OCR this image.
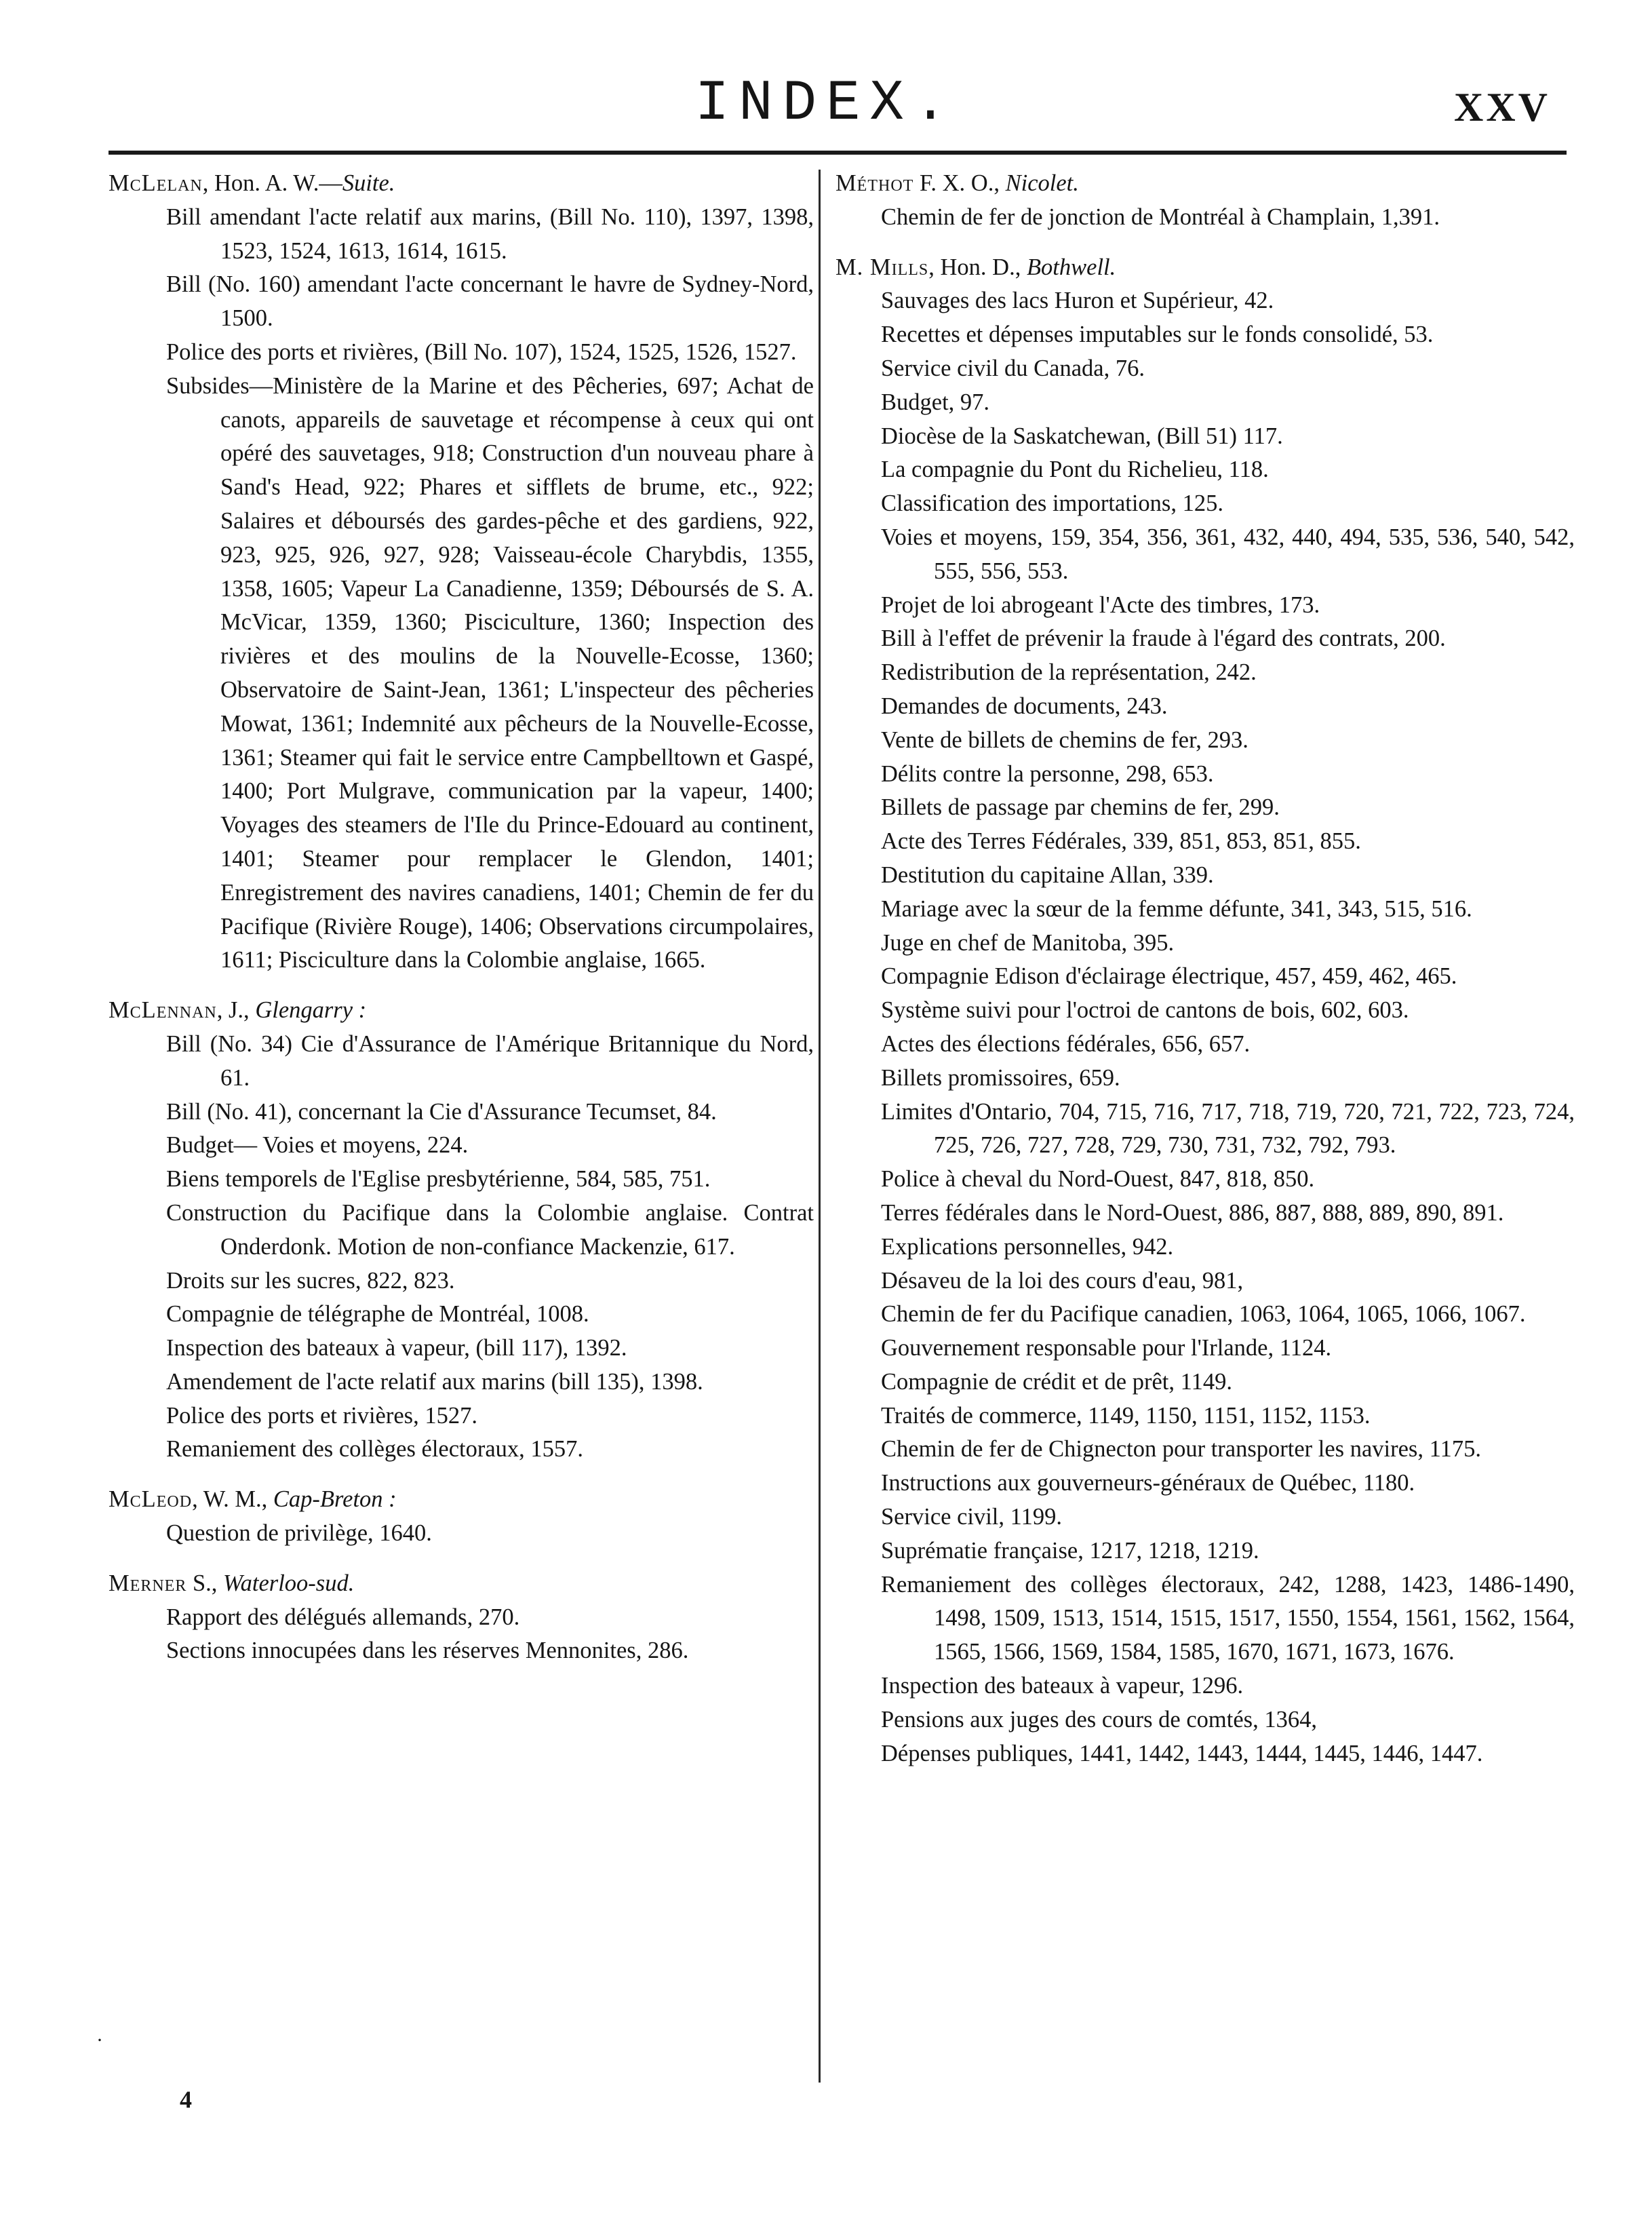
INDEX.	XXV
McLelan, Hon. A. W.—Suite.
Bill amendant l'acte relatif aux marins, (Bill No. 110), 1397, 1398, 1523, 1524, 1613, 1614, 1615.
Bill (No. 160) amendant l'acte concernant le havre de Sydney-Nord, 1500.
Police des ports et rivières, (Bill No. 107), 1524, 1525, 1526, 1527.
Subsides—Ministère de la Marine et des Pêcheries, 697; Achat de canots, appareils de sauvetage et récompense à ceux qui ont opéré des sauvetages, 918; Construction d'un nouveau phare à Sand's Head, 922; Phares et sifflets de brume, etc., 922; Salaires et déboursés des gardes-pêche et des gardiens, 922, 923, 925, 926, 927, 928; Vaisseau-école Charybdis, 1355, 1358, 1605; Vapeur La Canadienne, 1359; Déboursés de S. A. McVicar, 1359, 1360; Pisciculture, 1360; Inspection des rivières et des moulins de la Nouvelle-Ecosse, 1360; Observatoire de Saint-Jean, 1361; L'inspecteur des pêcheries Mowat, 1361; Indemnité aux pêcheurs de la Nouvelle-Ecosse, 1361; Steamer qui fait le service entre Campbelltown et Gaspé, 1400; Port Mulgrave, communication par la vapeur, 1400; Voyages des steamers de l'Ile du Prince-Edouard au continent, 1401; Steamer pour remplacer le Glendon, 1401; Enregistrement des navires canadiens, 1401; Chemin de fer du Pacifique (Rivière Rouge), 1406; Observations circumpolaires, 1611; Pisciculture dans la Colombie anglaise, 1665.
McLennan, J., Glengarry :
Bill (No. 34) Cie d'Assurance de l'Amérique Britannique du Nord, 61.
Bill (No. 41), concernant la Cie d'Assurance Tecumset, 84.
Budget— Voies et moyens, 224.
Biens temporels de l'Eglise presbytérienne, 584, 585, 751.
Construction du Pacifique dans la Colombie anglaise. Contrat Onderdonk. Motion de non-confiance Mackenzie, 617.
Droits sur les sucres, 822, 823.
Compagnie de télégraphe de Montréal, 1008.
Inspection des bateaux à vapeur, (bill 117), 1392.
Amendement de l'acte relatif aux marins (bill 135), 1398.
Police des ports et rivières, 1527.
Remaniement des collèges électoraux, 1557.
McLeod, W. M., Cap-Breton :
Question de privilège, 1640.
Merner S., Waterloo-sud.
Rapport des délégués allemands, 270.
Sections innocupées dans les réserves Mennonites, 286.
Méthot F. X. O., Nicolet.
Chemin de fer de jonction de Montréal à Champlain, 1,391.
M. Mills, Hon. D., Bothwell.
Sauvages des lacs Huron et Supérieur, 42.
Recettes et dépenses imputables sur le fonds consolidé, 53.
Service civil du Canada, 76.
Budget, 97.
Diocèse de la Saskatchewan, (Bill 51) 117.
La compagnie du Pont du Richelieu, 118.
Classification des importations, 125.
Voies et moyens, 159, 354, 356, 361, 432, 440, 494, 535, 536, 540, 542, 555, 556, 553.
Projet de loi abrogeant l'Acte des timbres, 173.
Bill à l'effet de prévenir la fraude à l'égard des contrats, 200.
Redistribution de la représentation, 242.
Demandes de documents, 243.
Vente de billets de chemins de fer, 293.
Délits contre la personne, 298, 653.
Billets de passage par chemins de fer, 299.
Acte des Terres Fédérales, 339, 851, 853, 851, 855.
Destitution du capitaine Allan, 339.
Mariage avec la sœur de la femme défunte, 341, 343, 515, 516.
Juge en chef de Manitoba, 395.
Compagnie Edison d'éclairage électrique, 457, 459, 462, 465.
Système suivi pour l'octroi de cantons de bois, 602, 603.
Actes des élections fédérales, 656, 657.
Billets promissoires, 659.
Limites d'Ontario, 704, 715, 716, 717, 718, 719, 720, 721, 722, 723, 724, 725, 726, 727, 728, 729, 730, 731, 732, 792, 793.
Police à cheval du Nord-Ouest, 847, 818, 850.
Terres fédérales dans le Nord-Ouest, 886, 887, 888, 889, 890, 891.
Explications personnelles, 942.
Désaveu de la loi des cours d'eau, 981,
Chemin de fer du Pacifique canadien, 1063, 1064, 1065, 1066, 1067.
Gouvernement responsable pour l'Irlande, 1124.
Compagnie de crédit et de prêt, 1149.
Traités de commerce, 1149, 1150, 1151, 1152, 1153.
Chemin de fer de Chignecton pour transporter les navires, 1175.
Instructions aux gouverneurs-généraux de Québec, 1180.
Service civil, 1199.
Suprématie française, 1217, 1218, 1219.
Remaniement des collèges électoraux, 242, 1288, 1423, 1486-1490, 1498, 1509, 1513, 1514, 1515, 1517, 1550, 1554, 1561, 1562, 1564, 1565, 1566, 1569, 1584, 1585, 1670, 1671, 1673, 1676.
Inspection des bateaux à vapeur, 1296.
Pensions aux juges des cours de comtés, 1364,
Dépenses publiques, 1441, 1442, 1443, 1444, 1445, 1446, 1447.
·
4
